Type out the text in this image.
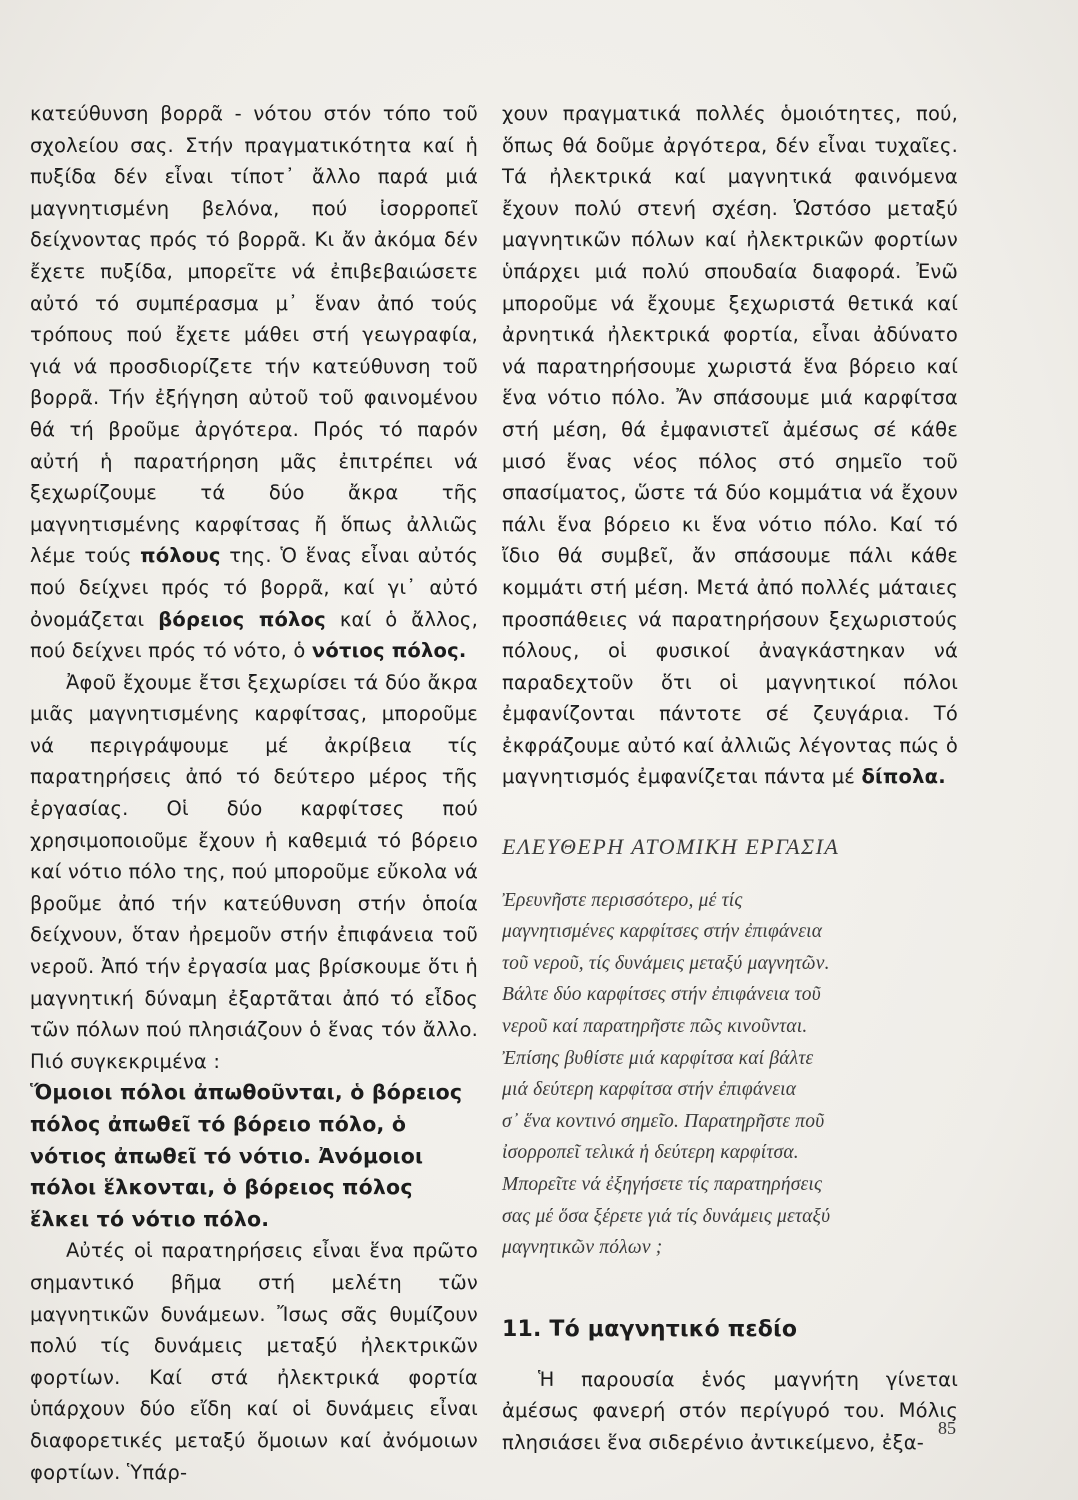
κατεύθυνση βορρᾶ - νότου στόν τόπο τοῦ σχολείου σας. Στήν πραγματικότητα καί ἡ πυξίδα δέν εἶναι τίποτ᾽ ἄλλο παρά μιά μαγνητισμένη βελόνα, πού ἰσορροπεῖ δείχνοντας πρός τό βορρᾶ. Κι ἄν ἀκόμα δέν ἔχετε πυξίδα, μπορεῖτε νά ἐπιβεβαιώσετε αὐτό τό συμπέρασμα μ᾽ ἕναν ἀπό τούς τρόπους πού ἔχετε μάθει στή γεωγραφία, γιά νά προσδιορίζετε τήν κατεύθυνση τοῦ βορρᾶ. Τήν ἐξήγηση αὐτοῦ τοῦ φαινομένου θά τή βροῦμε ἀργότερα. Πρός τό παρόν αὐτή ἡ παρατήρηση μᾶς ἐπιτρέπει νά ξεχωρίζουμε τά δύο ἄκρα τῆς μαγνητισμένης καρφίτσας ἤ ὅπως ἀλλιῶς λέμε τούς πόλους της. Ὁ ἕνας εἶναι αὐτός πού δείχνει πρός τό βορρᾶ, καί γι᾽ αὐτό ὀνομάζεται βόρειος πόλος καί ὁ ἄλλος, πού δείχνει πρός τό νότο, ὁ νότιος πόλος.

Ἀφοῦ ἔχουμε ἔτσι ξεχωρίσει τά δύο ἄκρα μιᾶς μαγνητισμένης καρφίτσας, μποροῦμε νά περιγράψουμε μέ ἀκρίβεια τίς παρατηρήσεις ἀπό τό δεύτερο μέρος τῆς ἐργασίας. Οἱ δύο καρφίτσες πού χρησιμοποιοῦμε ἔχουν ἡ καθεμιά τό βόρειο καί νότιο πόλο της, πού μποροῦμε εὔκολα νά βροῦμε ἀπό τήν κατεύθυνση στήν ὁποία δείχνουν, ὅταν ἠρεμοῦν στήν ἐπιφάνεια τοῦ νεροῦ. Ἀπό τήν ἐργασία μας βρίσκουμε ὅτι ἡ μαγνητική δύναμη ἐξαρτᾶται ἀπό τό εἶδος τῶν πόλων πού πλησιάζουν ὁ ἕνας τόν ἄλλο. Πιό συγκεκριμένα :

Ὅμοιοι πόλοι ἀπωθοῦνται, ὁ βόρειος πόλος ἀπωθεῖ τό βόρειο πόλο, ὁ νότιος ἀπωθεῖ τό νότιο. Ἀνόμοιοι πόλοι ἕλκονται, ὁ βόρειος πόλος ἕλκει τό νότιο πόλο.

Αὐτές οἱ παρατηρήσεις εἶναι ἕνα πρῶτο σημαντικό βῆμα στή μελέτη τῶν μαγνητικῶν δυνάμεων. Ἴσως σᾶς θυμίζουν πολύ τίς δυνάμεις μεταξύ ἠλεκτρικῶν φορτίων. Καί στά ἠλεκτρικά φορτία ὑπάρχουν δύο εἴδη καί οἱ δυνάμεις εἶναι διαφορετικές μεταξύ ὅμοιων καί ἀνόμοιων φορτίων. Ὑπάρ-

χουν πραγματικά πολλές ὁμοιότητες, πού, ὅπως θά δοῦμε ἀργότερα, δέν εἶναι τυχαῖες. Τά ἠλεκτρικά καί μαγνητικά φαινόμενα ἔχουν πολύ στενή σχέση. Ὡστόσο μεταξύ μαγνητικῶν πόλων καί ἠλεκτρικῶν φορτίων ὑπάρχει μιά πολύ σπουδαία διαφορά. Ἐνῶ μποροῦμε νά ἔχουμε ξεχωριστά θετικά καί ἀρνητικά ἠλεκτρικά φορτία, εἶναι ἀδύνατο νά παρατηρήσουμε χωριστά ἕνα βόρειο καί ἕνα νότιο πόλο. Ἄν σπάσουμε μιά καρφίτσα στή μέση, θά ἐμφανιστεῖ ἀμέσως σέ κάθε μισό ἕνας νέος πόλος στό σημεῖο τοῦ σπασίματος, ὥστε τά δύο κομμάτια νά ἔχουν πάλι ἕνα βόρειο κι ἕνα νότιο πόλο. Καί τό ἴδιο θά συμβεῖ, ἄν σπάσουμε πάλι κάθε κομμάτι στή μέση. Μετά ἀπό πολλές μάταιες προσπάθειες νά παρατηρήσουν ξεχωριστούς πόλους, οἱ φυσικοί ἀναγκάστηκαν νά παραδεχτοῦν ὅτι οἱ μαγνητικοί πόλοι ἐμφανίζονται πάντοτε σέ ζευγάρια. Τό ἐκφράζουμε αὐτό καί ἀλλιῶς λέγοντας πώς ὁ μαγνητισμός ἐμφανίζεται πάντα μέ δίπολα.

ΕΛΕΥΘΕΡΗ ΑΤΟΜΙΚΗ ΕΡΓΑΣΙΑ
Ἐρευνῆστε περισσότερο, μέ τίς
μαγνητισμένες καρφίτσες στήν ἐπιφάνεια
τοῦ νεροῦ, τίς δυνάμεις μεταξύ μαγνητῶν.
Βάλτε δύο καρφίτσες στήν ἐπιφάνεια τοῦ
νεροῦ καί παρατηρῆστε πῶς κινοῦνται.
Ἐπίσης βυθίστε μιά καρφίτσα καί βάλτε
μιά δεύτερη καρφίτσα στήν ἐπιφάνεια
σ᾽ ἕνα κοντινό σημεῖο. Παρατηρῆστε ποῦ
ἰσορροπεῖ τελικά ἡ δεύτερη καρφίτσα.
Μπορεῖτε νά ἐξηγήσετε τίς παρατηρήσεις
σας μέ ὅσα ξέρετε γιά τίς δυνάμεις μεταξύ
μαγνητικῶν πόλων ;
11. Τό μαγνητικό πεδίο

Ἡ παρουσία ἑνός μαγνήτη γίνεται ἀμέσως φανερή στόν περίγυρό του. Μόλις πλησιάσει ἕνα σιδερένιο ἀντικείμενο, ἐξα-

85
